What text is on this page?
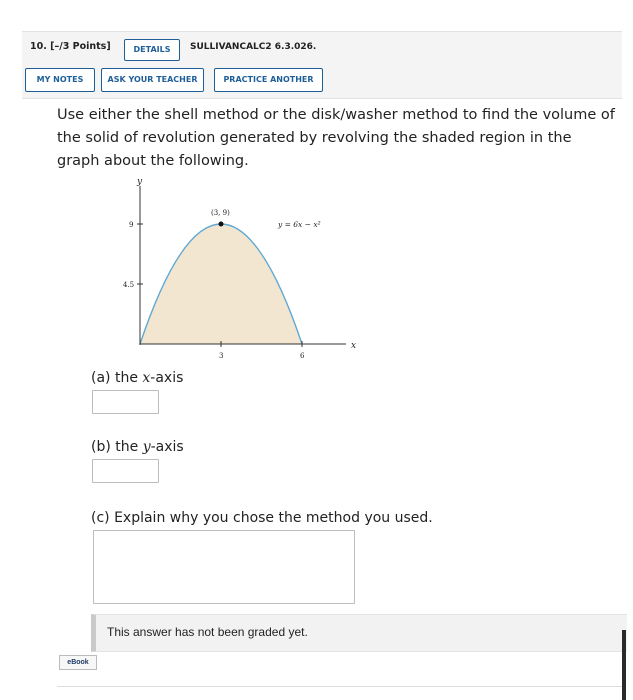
10. [–/3 Points]	DETAILS	SULLIVANCALC2 6.3.026.
MY NOTES	ASK YOUR TEACHER	PRACTICE ANOTHER
Use either the shell method or the disk/washer method to find the volume of the solid of revolution generated by revolving the shaded region in the graph about the following.
y
x
9
4.5
3	6
(3, 9)
y = 6x − x²
(a) the x-axis
(b) the y-axis
(c) Explain why you chose the method you used.
This answer has not been graded yet.
eBook
